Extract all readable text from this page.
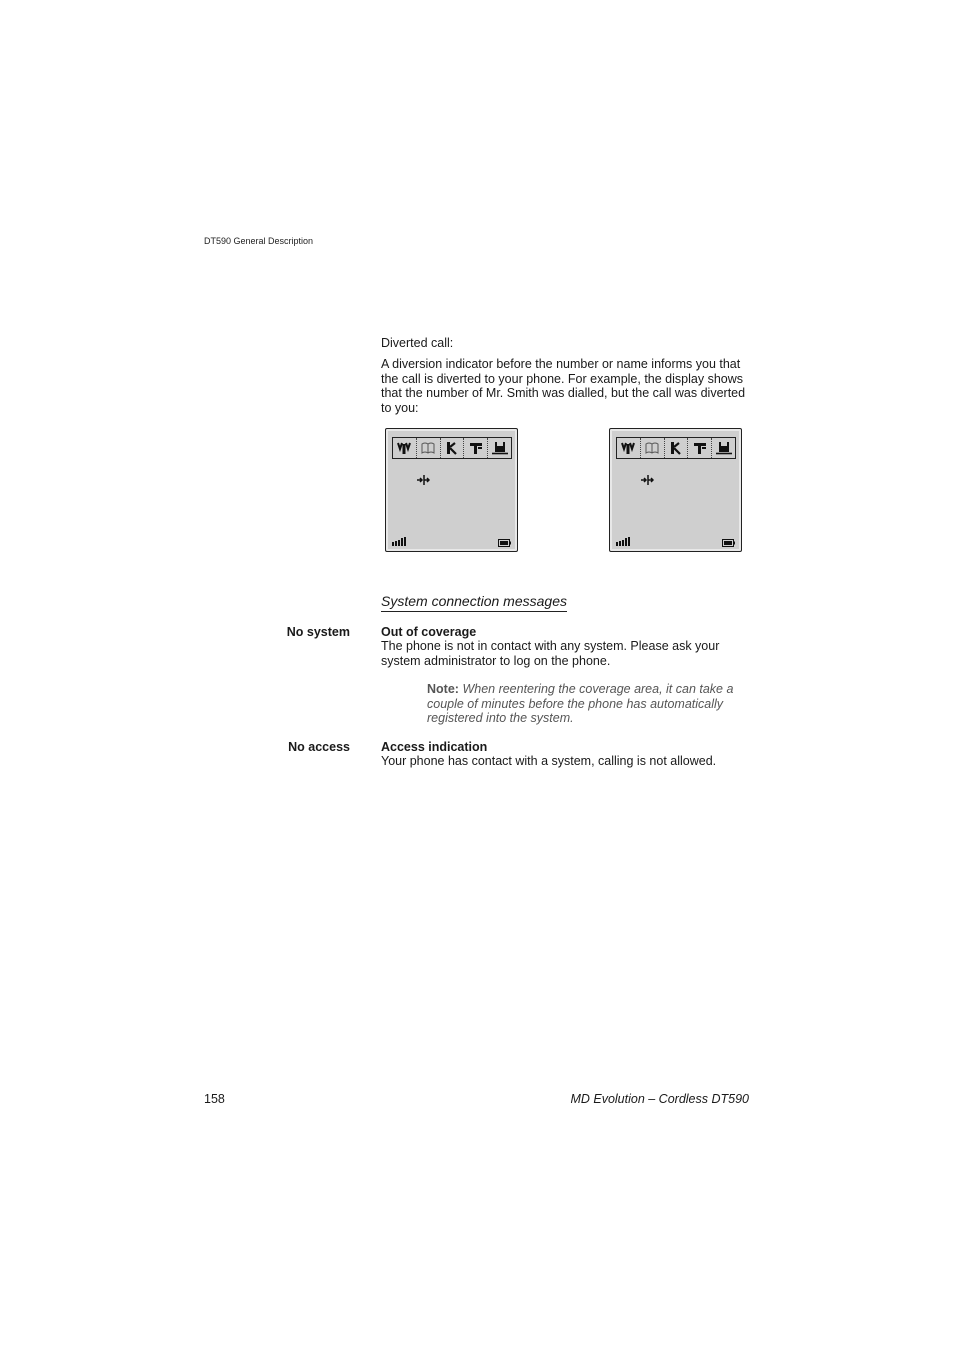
DT590 General Description
Diverted call:
A diversion indicator before the number or name informs you that the call is diverted to your phone. For example, the display shows that the number of Mr. Smith was dialled, but the call was diverted to you:
System connection messages
No system Out of coverage
The phone is not in contact with any system. Please ask your system administrator to log on the phone.
Note: When reentering the coverage area, it can take a couple of minutes before the phone has automatically registered into the system.
No access Access indication
Your phone has contact with a system, calling is not allowed.
158	MD Evolution – Cordless DT590
